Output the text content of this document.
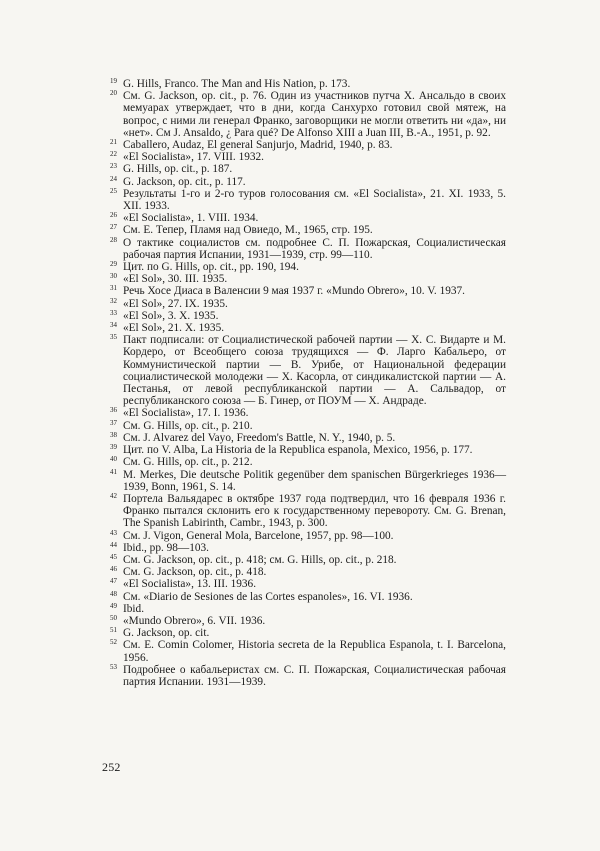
19 G. Hills, Franco. The Man and His Nation, p. 173.
20 См. G. Jackson, op. cit., p. 76. Один из участников путча Х. Ансальдо в своих мемуарах утверждает, что в дни, когда Санхурхо готовил свой мятеж, на вопрос, с ними ли генерал Франко, заговорщики не могли ответить ни «да», ни «нет». См J. Ansaldo, ¿ Para qué? De Alfonso XIII a Juan III, B.-A., 1951, p. 92.
21 Caballero, Audaz, El general Sanjurjo, Madrid, 1940, p. 83.
22 «El Socialista», 17. VIII. 1932.
23 G. Hills, op. cit., p. 187.
24 G. Jackson, op. cit., p. 117.
25 Результаты 1-го и 2-го туров голосования см. «El Socialista», 21. XI. 1933, 5. XII. 1933.
26 «El Socialista», 1. VIII. 1934.
27 См. Е. Тепер, Пламя над Овиедо, М., 1965, стр. 195.
28 О тактике социалистов см. подробнее С. П. Пожарская, Социалистическая рабочая партия Испании, 1931—1939, стр. 99—110.
29 Цит. по G. Hills, op. cit., pp. 190, 194.
30 «El Sol», 30. III. 1935.
31 Речь Хосе Диаса в Валенсии 9 мая 1937 г. «Mundo Obrero», 10. V. 1937.
32 «El Sol», 27. IX. 1935.
33 «El Sol», 3. X. 1935.
34 «El Sol», 21. X. 1935.
35 Пакт подписали: от Социалистической рабочей партии — Х. С. Видарте и М. Кордеро, от Всеобщего союза трудящихся — Ф. Ларго Кабальеро, от Коммунистической партии — В. Урибе, от Национальной федерации социалистической молодежи — Х. Касорла, от синдикалистской партии — А. Пестанья, от левой республиканской партии — А. Сальвадор, от республиканского союза — Б. Гинер, от ПОУМ — Х. Андраде.
36 «El Socialista», 17. I. 1936.
37 См. G. Hills, op. cit., p. 210.
38 См. J. Alvarez del Vayo, Freedom's Battle, N. Y., 1940, p. 5.
39 Цит. по V. Alba, La Historia de la Republica espanola, Mexico, 1956, p. 177.
40 См. G. Hills, op. cit., p. 212.
41 M. Merkes, Die deutsche Politik gegenüber dem spanischen Bürgerkrieges 1936—1939, Bonn, 1961, S. 14.
42 Портела Вальядарес в октябре 1937 года подтвердил, что 16 февраля 1936 г. Франко пытался склонить его к государственному перевороту. См. G. Brenan, The Spanish Labirinth, Cambr., 1943, p. 300.
43 См. J. Vigon, General Mola, Barcelone, 1957, pp. 98—100.
44 Ibid., pp. 98—103.
45 См. G. Jackson, op. cit., p. 418; см. G. Hills, op. cit., p. 218.
46 См. G. Jackson, op. cit., p. 418.
47 «El Socialista», 13. III. 1936.
48 См. «Diario de Sesiones de las Cortes espanoles», 16. VI. 1936.
49 Ibid.
50 «Mundo Obrero», 6. VII. 1936.
51 G. Jackson, op. cit.
52 См. E. Comin Colomer, Historia secreta de la Republica Espanola, t. I. Barcelona, 1956.
53 Подробнее о кабальеристах см. С. П. Пожарская, Социалистическая рабочая партия Испании. 1931—1939.
252
